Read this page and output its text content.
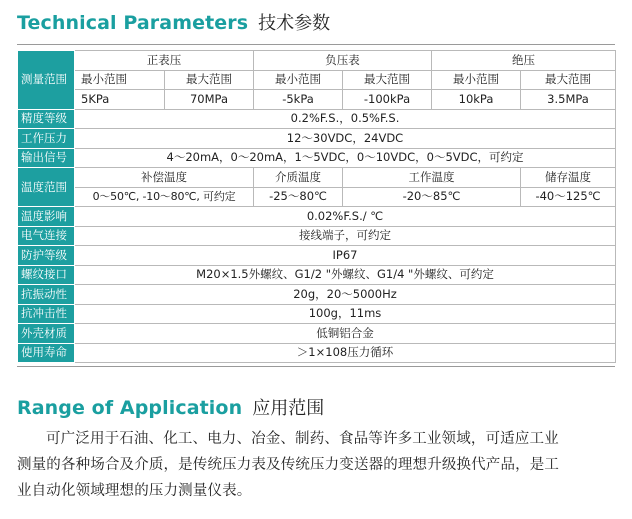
Technical Parameters 技术参数
测量范围	正表压		负压表		绝压	
	最小范围	最大范围	最小范围	最大范围	最小范围	最大范围
	5KPa	70MPa	-5kPa	-100kPa	10kPa	3.5MPa
精度等级	0.2%F.S.，0.5%F.S.					
工作压力	12～30VDC，24VDC					
输出信号	4～20mA，0～20mA，1～5VDC，0～10VDC，0～5VDC，可约定					
温度范围	补偿温度		介质温度	工作温度		储存温度
	0～50℃, -10～80℃, 可约定		-25～80℃	-20～85℃		-40～125℃
温度影响	0.02%F.S./ ℃					
电气连接	接线端子，可约定					
防护等级	IP67					
螺纹接口	M20×1.5外螺纹、G1/2 "外螺纹、G1/4 "外螺纹、可约定					
抗振动性	20g，20～5000Hz					
抗冲击性	100g，11ms					
外壳材质	低铜铝合金					
使用寿命	＞1×108压力循环					
Range of Application 应用范围
可广泛用于石油、化工、电力、冶金、制药、食品等许多工业领域，可适应工业
测量的各种场合及介质，是传统压力表及传统压力变送器的理想升级换代产品，是工
业自动化领域理想的压力测量仪表。
